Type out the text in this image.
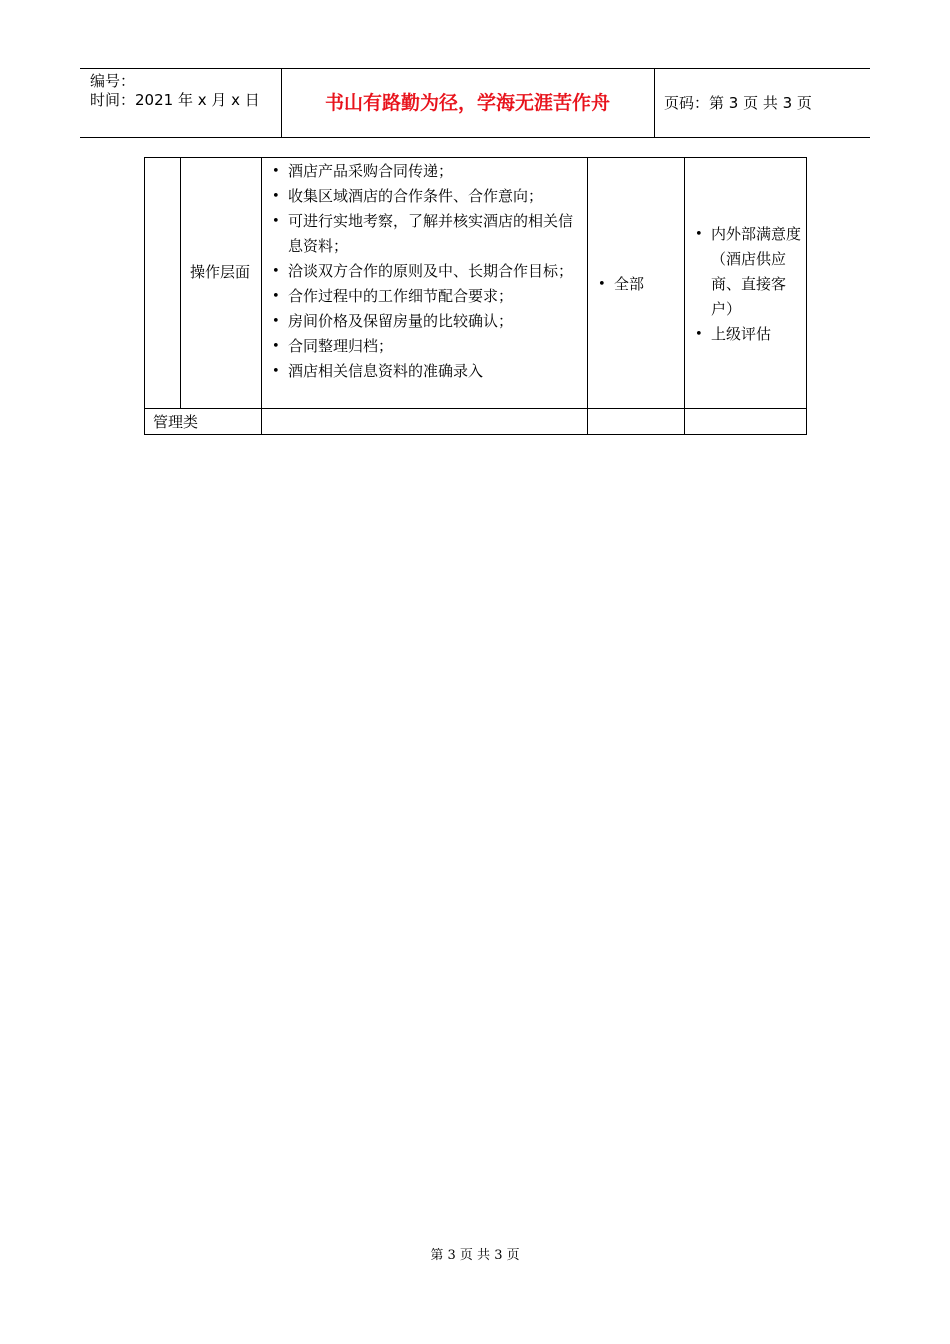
编号：
时间：2021 年 x 月 x 日	书山有路勤为径，学海无涯苦作舟	页码：第 3 页 共 3 页
操作层面
• 酒店产品采购合同传递；
• 收集区域酒店的合作条件、合作意向；
• 可进行实地考察，了解并核实酒店的相关信息资料；
• 洽谈双方合作的原则及中、长期合作目标；
• 合作过程中的工作细节配合要求；
• 房间价格及保留房量的比较确认；
• 合同整理归档；
• 酒店相关信息资料的准确录入
• 全部
• 内外部满意度（酒店供应商、直接客户）
• 上级评估
管理类
第 3 页 共 3 页
